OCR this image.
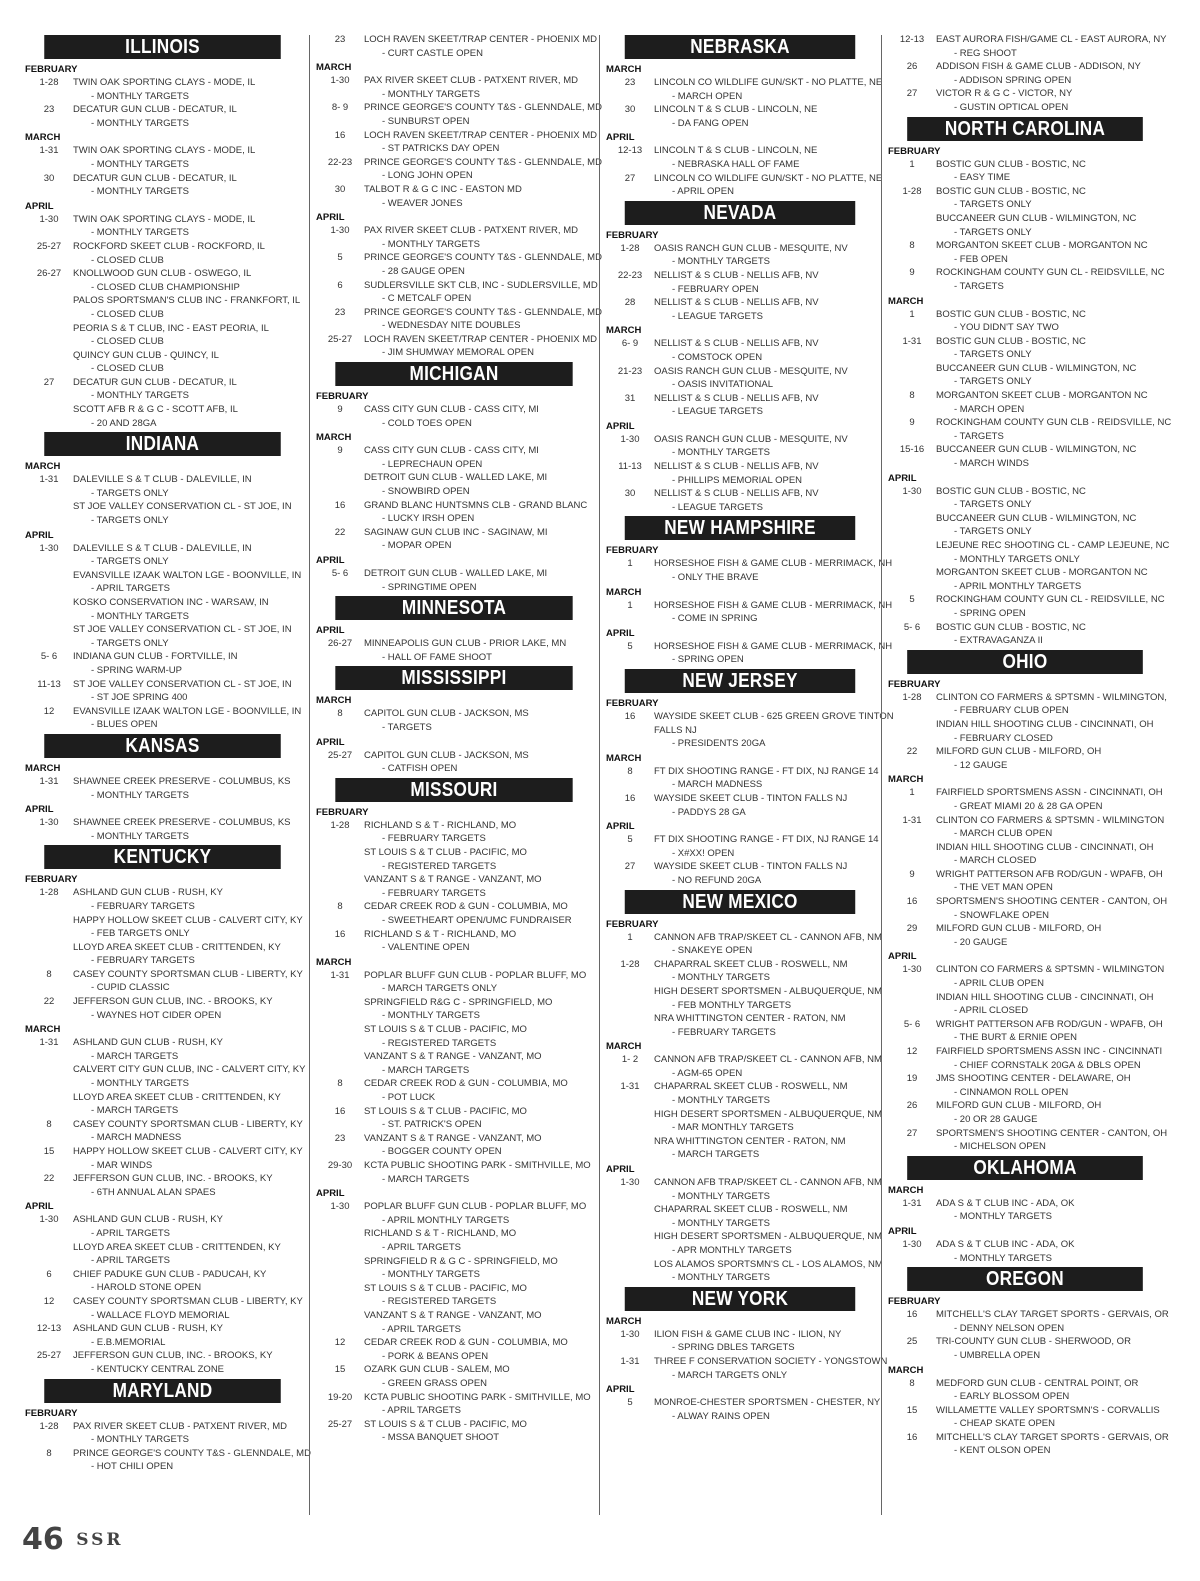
ILLINOIS
FEBRUARY
1-28	TWIN OAK SPORTING CLAYS - MODE, IL
- MONTHLY TARGETS
23	DECATUR GUN CLUB - DECATUR, IL
- MONTHLY TARGETS
MARCH
1-31	TWIN OAK SPORTING CLAYS - MODE, IL
- MONTHLY TARGETS
30	DECATUR GUN CLUB - DECATUR, IL
- MONTHLY TARGETS
APRIL
1-30	TWIN OAK SPORTING CLAYS - MODE, IL
- MONTHLY TARGETS
25-27	ROCKFORD SKEET CLUB - ROCKFORD, IL
- CLOSED CLUB
26-27	KNOLLWOOD GUN CLUB - OSWEGO, IL
- CLOSED CLUB CHAMPIONSHIP
PALOS SPORTSMAN'S CLUB INC - FRANKFORT, IL
- CLOSED CLUB
PEORIA S & T CLUB, INC - EAST PEORIA, IL
- CLOSED CLUB
QUINCY GUN CLUB - QUINCY, IL
- CLOSED CLUB
27	DECATUR GUN CLUB - DECATUR, IL
- MONTHLY TARGETS
SCOTT AFB R & G C - SCOTT AFB, IL
- 20 AND 28GA
INDIANA
MARCH
1-31	DALEVILLE S & T CLUB - DALEVILLE, IN
- TARGETS ONLY
ST JOE VALLEY CONSERVATION CL - ST JOE, IN
- TARGETS ONLY
APRIL
1-30	DALEVILLE S & T CLUB - DALEVILLE, IN
- TARGETS ONLY
EVANSVILLE IZAAK WALTON LGE - BOONVILLE, IN
- APRIL TARGETS
KOSKO CONSERVATION INC - WARSAW, IN
- MONTHLY TARGETS
ST JOE VALLEY CONSERVATION CL - ST JOE, IN
- TARGETS ONLY
5- 6	INDIANA GUN CLUB - FORTVILLE, IN
- SPRING WARM-UP
11-13	ST JOE VALLEY CONSERVATION CL - ST JOE, IN
- ST JOE SPRING 400
12	EVANSVILLE IZAAK WALTON LGE - BOONVILLE, IN
- BLUES OPEN
KANSAS
MARCH
1-31	SHAWNEE CREEK PRESERVE - COLUMBUS, KS
- MONTHLY TARGETS
APRIL
1-30	SHAWNEE CREEK PRESERVE - COLUMBUS, KS
- MONTHLY TARGETS
KENTUCKY
FEBRUARY
1-28	ASHLAND GUN CLUB - RUSH, KY
- FEBRUARY TARGETS
HAPPY HOLLOW SKEET CLUB - CALVERT CITY, KY
- FEB TARGETS ONLY
LLOYD AREA SKEET CLUB - CRITTENDEN, KY
- FEBRUARY TARGETS
8	CASEY COUNTY SPORTSMAN CLUB - LIBERTY, KY
- CUPID CLASSIC
22	JEFFERSON GUN CLUB, INC. - BROOKS, KY
- WAYNES HOT CIDER OPEN
MARCH
1-31	ASHLAND GUN CLUB - RUSH, KY
- MARCH TARGETS
CALVERT CITY GUN CLUB, INC - CALVERT CITY, KY
- MONTHLY TARGETS
LLOYD AREA SKEET CLUB - CRITTENDEN, KY
- MARCH TARGETS
8	CASEY COUNTY SPORTSMAN CLUB - LIBERTY, KY
- MARCH MADNESS
15	HAPPY HOLLOW SKEET CLUB - CALVERT CITY, KY
- MAR WINDS
22	JEFFERSON GUN CLUB, INC. - BROOKS, KY
- 6TH ANNUAL ALAN SPAES
APRIL
1-30	ASHLAND GUN CLUB - RUSH, KY
- APRIL TARGETS
LLOYD AREA SKEET CLUB - CRITTENDEN, KY
- APRIL TARGETS
6	CHIEF PADUKE GUN CLUB - PADUCAH, KY
- HAROLD STONE OPEN
12	CASEY COUNTY SPORTSMAN CLUB - LIBERTY, KY
- WALLACE FLOYD MEMORIAL
12-13	ASHLAND GUN CLUB - RUSH, KY
- E.B.MEMORIAL
25-27	JEFFERSON GUN CLUB, INC. - BROOKS, KY
- KENTUCKY CENTRAL ZONE
MARYLAND
FEBRUARY
1-28	PAX RIVER SKEET CLUB - PATXENT RIVER, MD
- MONTHLY TARGETS
8	PRINCE GEORGE'S COUNTY T&S - GLENNDALE, MD
- HOT CHILI OPEN
23	LOCH RAVEN SKEET/TRAP CENTER - PHOENIX MD
- CURT CASTLE OPEN
MARCH
1-30	PAX RIVER SKEET CLUB - PATXENT RIVER, MD
- MONTHLY TARGETS
8- 9	PRINCE GEORGE'S COUNTY T&S - GLENNDALE, MD
- SUNBURST OPEN
16	LOCH RAVEN SKEET/TRAP CENTER - PHOENIX MD
- ST PATRICKS DAY OPEN
22-23	PRINCE GEORGE'S COUNTY T&S - GLENNDALE, MD
- LONG JOHN OPEN
30	TALBOT R & G C INC - EASTON MD
- WEAVER JONES
APRIL
1-30	PAX RIVER SKEET CLUB - PATXENT RIVER, MD
- MONTHLY TARGETS
5	PRINCE GEORGE'S COUNTY T&S - GLENNDALE, MD
- 28 GAUGE OPEN
6	SUDLERSVILLE SKT CLB, INC - SUDLERSVILLE, MD
- C METCALF OPEN
23	PRINCE GEORGE'S COUNTY T&S - GLENNDALE, MD
- WEDNESDAY NITE DOUBLES
25-27	LOCH RAVEN SKEET/TRAP CENTER - PHOENIX MD
- JIM SHUMWAY MEMORAL OPEN
MICHIGAN
FEBRUARY
9	CASS CITY GUN CLUB - CASS CITY, MI
- COLD TOES OPEN
MARCH
9	CASS CITY GUN CLUB - CASS CITY, MI
- LEPRECHAUN OPEN
DETROIT GUN CLUB - WALLED LAKE, MI
- SNOWBIRD OPEN
16	GRAND BLANC HUNTSMNS CLB - GRAND BLANC
- LUCKY IRSH OPEN
22	SAGINAW GUN CLUB INC - SAGINAW, MI
- MOPAR OPEN
APRIL
5- 6	DETROIT GUN CLUB - WALLED LAKE, MI
- SPRINGTIME OPEN
MINNESOTA
APRIL
26-27	MINNEAPOLIS GUN CLUB - PRIOR LAKE, MN
- HALL OF FAME SHOOT
MISSISSIPPI
MARCH
8	CAPITOL GUN CLUB - JACKSON, MS
- TARGETS
APRIL
25-27	CAPITOL GUN CLUB - JACKSON, MS
- CATFISH OPEN
MISSOURI
FEBRUARY
1-28	RICHLAND S & T - RICHLAND, MO
- FEBRUARY TARGETS
ST LOUIS S & T CLUB - PACIFIC, MO
- REGISTERED TARGETS
VANZANT S & T RANGE - VANZANT, MO
- FEBRUARY TARGETS
8	CEDAR CREEK ROD & GUN - COLUMBIA, MO
- SWEETHEART OPEN/UMC FUNDRAISER
16	RICHLAND S & T - RICHLAND, MO
- VALENTINE OPEN
MARCH
1-31	POPLAR BLUFF GUN CLUB - POPLAR BLUFF, MO
- MARCH TARGETS ONLY
SPRINGFIELD R&G C - SPRINGFIELD, MO
- MONTHLY TARGETS
ST LOUIS S & T CLUB - PACIFIC, MO
- REGISTERED TARGETS
VANZANT S & T RANGE - VANZANT, MO
- MARCH TARGETS
8	CEDAR CREEK ROD & GUN - COLUMBIA, MO
- POT LUCK
16	ST LOUIS S & T CLUB - PACIFIC, MO
- ST. PATRICK'S OPEN
23	VANZANT S & T RANGE - VANZANT, MO
- BOGGER COUNTY OPEN
29-30	KCTA PUBLIC SHOOTING PARK - SMITHVILLE, MO
- MARCH TARGETS
APRIL
1-30	POPLAR BLUFF GUN CLUB - POPLAR BLUFF, MO
- APRIL MONTHLY TARGETS
RICHLAND S & T - RICHLAND, MO
- APRIL TARGETS
SPRINGFIELD R & G C - SPRINGFIELD, MO
- MONTHLY TARGETS
ST LOUIS S & T CLUB - PACIFIC, MO
- REGISTERED TARGETS
VANZANT S & T RANGE - VANZANT, MO
- APRIL TARGETS
12	CEDAR CREEK ROD & GUN - COLUMBIA, MO
- PORK & BEANS OPEN
15	OZARK GUN CLUB - SALEM, MO
- GREEN GRASS OPEN
19-20	KCTA PUBLIC SHOOTING PARK - SMITHVILLE, MO
- APRIL TARGETS
25-27	ST LOUIS S & T CLUB - PACIFIC, MO
- MSSA BANQUET SHOOT
NEBRASKA
MARCH
23	LINCOLN CO WILDLIFE GUN/SKT - NO PLATTE, NE
- MARCH OPEN
30	LINCOLN T & S CLUB - LINCOLN, NE
- DA FANG OPEN
APRIL
12-13	LINCOLN T & S CLUB - LINCOLN, NE
- NEBRASKA HALL OF FAME
27	LINCOLN CO WILDLIFE GUN/SKT - NO PLATTE, NE
- APRIL OPEN
NEVADA
FEBRUARY
1-28	OASIS RANCH GUN CLUB - MESQUITE, NV
- MONTHLY TARGETS
22-23	NELLIST & S CLUB - NELLIS AFB, NV
- FEBRUARY OPEN
28	NELLIST & S CLUB - NELLIS AFB, NV
- LEAGUE TARGETS
MARCH
6- 9	NELLIST & S CLUB - NELLIS AFB, NV
- COMSTOCK OPEN
21-23	OASIS RANCH GUN CLUB - MESQUITE, NV
- OASIS INVITATIONAL
31	NELLIST & S CLUB - NELLIS AFB, NV
- LEAGUE TARGETS
APRIL
1-30	OASIS RANCH GUN CLUB - MESQUITE, NV
- MONTHLY TARGETS
11-13	NELLIST & S CLUB - NELLIS AFB, NV
- PHILLIPS MEMORIAL OPEN
30	NELLIST & S CLUB - NELLIS AFB, NV
- LEAGUE TARGETS
NEW HAMPSHIRE
FEBRUARY
1	HORSESHOE FISH & GAME CLUB - MERRIMACK, NH
- ONLY THE BRAVE
MARCH
1	HORSESHOE FISH & GAME CLUB - MERRIMACK, NH
- COME IN SPRING
APRIL
5	HORSESHOE FISH & GAME CLUB - MERRIMACK, NH
- SPRING OPEN
NEW JERSEY
FEBRUARY
16	WAYSIDE SKEET CLUB - 625 GREEN GROVE TINTON
FALLS NJ
- PRESIDENTS 20GA
MARCH
8	FT DIX SHOOTING RANGE - FT DIX, NJ RANGE 14
- MARCH MADNESS
16	WAYSIDE SKEET CLUB - TINTON FALLS NJ
- PADDYS 28 GA
APRIL
5	FT DIX SHOOTING RANGE - FT DIX, NJ RANGE 14
- X#XX! OPEN
27	WAYSIDE SKEET CLUB - TINTON FALLS NJ
- NO REFUND 20GA
NEW MEXICO
FEBRUARY
1	CANNON AFB TRAP/SKEET CL - CANNON AFB, NM
- SNAKEYE OPEN
1-28	CHAPARRAL SKEET CLUB - ROSWELL, NM
- MONTHLY TARGETS
HIGH DESERT SPORTSMEN - ALBUQUERQUE, NM
- FEB MONTHLY TARGETS
NRA WHITTINGTON CENTER - RATON, NM
- FEBRUARY TARGETS
MARCH
1- 2	CANNON AFB TRAP/SKEET CL - CANNON AFB, NM
- AGM-65 OPEN
1-31	CHAPARRAL SKEET CLUB - ROSWELL, NM
- MONTHLY TARGETS
HIGH DESERT SPORTSMEN - ALBUQUERQUE, NM
- MAR MONTHLY TARGETS
NRA WHITTINGTON CENTER - RATON, NM
- MARCH TARGETS
APRIL
1-30	CANNON AFB TRAP/SKEET CL - CANNON AFB, NM
- MONTHLY TARGETS
CHAPARRAL SKEET CLUB - ROSWELL, NM
- MONTHLY TARGETS
HIGH DESERT SPORTSMEN - ALBUQUERQUE, NM
- APR MONTHLY TARGETS
LOS ALAMOS SPORTSMN'S CL - LOS ALAMOS, NM
- MONTHLY TARGETS
NEW YORK
MARCH
1-30	ILION FISH & GAME CLUB INC - ILION, NY
- SPRING DBLES TARGETS
1-31	THREE F CONSERVATION SOCIETY - YONGSTOWN
- MARCH TARGETS ONLY
APRIL
5	MONROE-CHESTER SPORTSMEN - CHESTER, NY
- ALWAY RAINS OPEN
12-13	EAST AURORA FISH/GAME CL - EAST AURORA, NY
- REG SHOOT
26	ADDISON FISH & GAME CLUB - ADDISON, NY
- ADDISON SPRING OPEN
27	VICTOR R & G C - VICTOR, NY
- GUSTIN OPTICAL OPEN
NORTH CAROLINA
FEBRUARY
1	BOSTIC GUN CLUB - BOSTIC, NC
- EASY TIME
1-28	BOSTIC GUN CLUB - BOSTIC, NC
- TARGETS ONLY
BUCCANEER GUN CLUB - WILMINGTON, NC
- TARGETS ONLY
8	MORGANTON SKEET CLUB - MORGANTON NC
- FEB OPEN
9	ROCKINGHAM COUNTY GUN CL - REIDSVILLE, NC
- TARGETS
MARCH
1	BOSTIC GUN CLUB - BOSTIC, NC
- YOU DIDN'T SAY TWO
1-31	BOSTIC GUN CLUB - BOSTIC, NC
- TARGETS ONLY
BUCCANEER GUN CLUB - WILMINGTON, NC
- TARGETS ONLY
8	MORGANTON SKEET CLUB - MORGANTON NC
- MARCH OPEN
9	ROCKINGHAM COUNTY GUN CLB - REIDSVILLE, NC
- TARGETS
15-16	BUCCANEER GUN CLUB - WILMINGTON, NC
- MARCH WINDS
APRIL
1-30	BOSTIC GUN CLUB - BOSTIC, NC
- TARGETS ONLY
BUCCANEER GUN CLUB - WILMINGTON, NC
- TARGETS ONLY
LEJEUNE REC SHOOTING CL - CAMP LEJEUNE, NC
- MONTHLY TARGETS ONLY
MORGANTON SKEET CLUB - MORGANTON NC
- APRIL MONTHLY TARGETS
5	ROCKINGHAM COUNTY GUN CL - REIDSVILLE, NC
- SPRING OPEN
5- 6	BOSTIC GUN CLUB - BOSTIC, NC
- EXTRAVAGANZA II
OHIO
FEBRUARY
1-28	CLINTON CO FARMERS & SPTSMN - WILMINGTON,
- FEBRUARY CLUB OPEN
INDIAN HILL SHOOTING CLUB - CINCINNATI, OH
- FEBRUARY CLOSED
22	MILFORD GUN CLUB - MILFORD, OH
- 12 GAUGE
MARCH
1	FAIRFIELD SPORTSMENS ASSN - CINCINNATI, OH
- GREAT MIAMI 20 & 28 GA OPEN
1-31	CLINTON CO FARMERS & SPTSMN - WILMINGTON
- MARCH CLUB OPEN
INDIAN HILL SHOOTING CLUB - CINCINNATI, OH
- MARCH CLOSED
9	WRIGHT PATTERSON AFB ROD/GUN - WPAFB, OH
- THE VET MAN OPEN
16	SPORTSMEN'S SHOOTING CENTER - CANTON, OH
- SNOWFLAKE OPEN
29	MILFORD GUN CLUB - MILFORD, OH
- 20 GAUGE
APRIL
1-30	CLINTON CO FARMERS & SPTSMN - WILMINGTON
- APRIL CLUB OPEN
INDIAN HILL SHOOTING CLUB - CINCINNATI, OH
- APRIL CLOSED
5- 6	WRIGHT PATTERSON AFB ROD/GUN - WPAFB, OH
- THE BURT & ERNIE OPEN
12	FAIRFIELD SPORTSMENS ASSN INC - CINCINNATI
- CHIEF CORNSTALK 20GA & DBLS OPEN
19	JMS SHOOTING CENTER - DELAWARE, OH
- CINNAMON ROLL OPEN
26	MILFORD GUN CLUB - MILFORD, OH
- 20 OR 28 GAUGE
27	SPORTSMEN'S SHOOTING CENTER - CANTON, OH
- MICHELSON OPEN
OKLAHOMA
MARCH
1-31	ADA S & T CLUB INC - ADA, OK
- MONTHLY TARGETS
APRIL
1-30	ADA S & T CLUB INC - ADA, OK
- MONTHLY TARGETS
OREGON
FEBRUARY
16	MITCHELL'S CLAY TARGET SPORTS - GERVAIS, OR
- DENNY NELSON OPEN
25	TRI-COUNTY GUN CLUB - SHERWOOD, OR
- UMBRELLA OPEN
MARCH
8	MEDFORD GUN CLUB - CENTRAL POINT, OR
- EARLY BLOSSOM OPEN
15	WILLAMETTE VALLEY SPORTSMN'S - CORVALLIS
- CHEAP SKATE OPEN
16	MITCHELL'S CLAY TARGET SPORTS - GERVAIS, OR
- KENT OLSON OPEN
46 SSR
